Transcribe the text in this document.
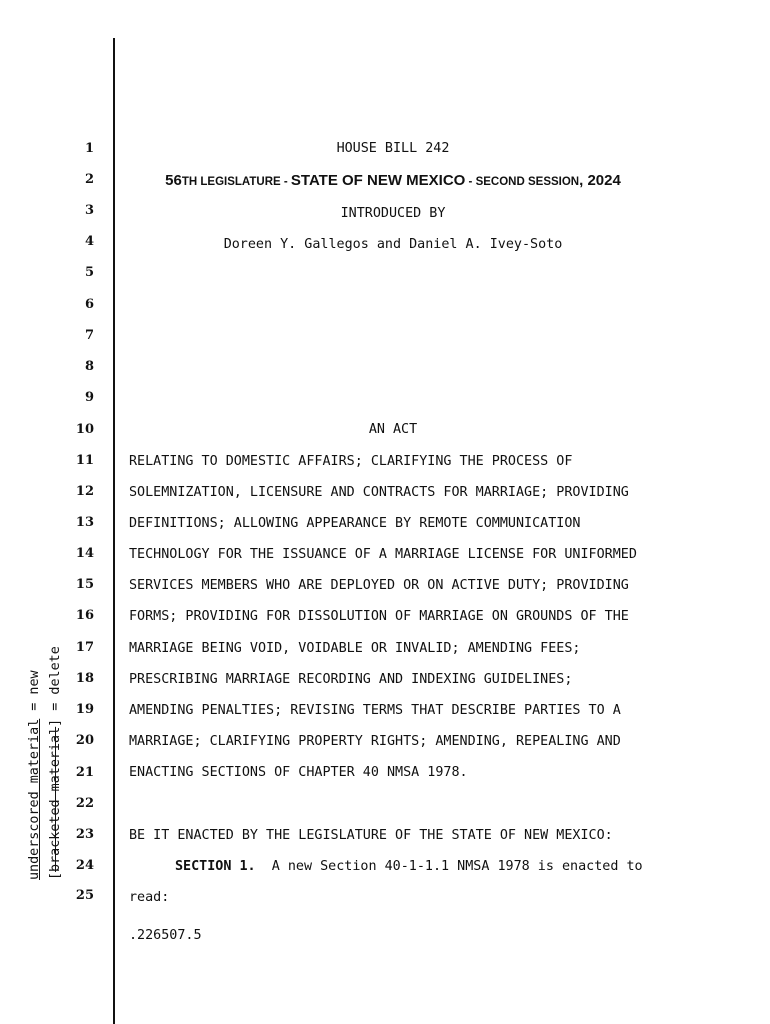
1
2
3
4
5
6
7
8
9
10
11
12
13
14
15
16
17
18
19
20
21
22
23
24
25
HOUSE BILL 242
56TH LEGISLATURE - STATE OF NEW MEXICO - SECOND SESSION, 2024
INTRODUCED BY
Doreen Y. Gallegos and Daniel A. Ivey-Soto
AN ACT
RELATING TO DOMESTIC AFFAIRS; CLARIFYING THE PROCESS OF
SOLEMNIZATION, LICENSURE AND CONTRACTS FOR MARRIAGE; PROVIDING
DEFINITIONS; ALLOWING APPEARANCE BY REMOTE COMMUNICATION
TECHNOLOGY FOR THE ISSUANCE OF A MARRIAGE LICENSE FOR UNIFORMED
SERVICES MEMBERS WHO ARE DEPLOYED OR ON ACTIVE DUTY; PROVIDING
FORMS; PROVIDING FOR DISSOLUTION OF MARRIAGE ON GROUNDS OF THE
MARRIAGE BEING VOID, VOIDABLE OR INVALID; AMENDING FEES;
PRESCRIBING MARRIAGE RECORDING AND INDEXING GUIDELINES;
AMENDING PENALTIES; REVISING TERMS THAT DESCRIBE PARTIES TO A
MARRIAGE; CLARIFYING PROPERTY RIGHTS; AMENDING, REPEALING AND
ENACTING SECTIONS OF CHAPTER 40 NMSA 1978.
BE IT ENACTED BY THE LEGISLATURE OF THE STATE OF NEW MEXICO:
SECTION 1.  A new Section 40-1-1.1 NMSA 1978 is enacted to
read:
.226507.5
underscored material = new
[bracketed material] = delete
